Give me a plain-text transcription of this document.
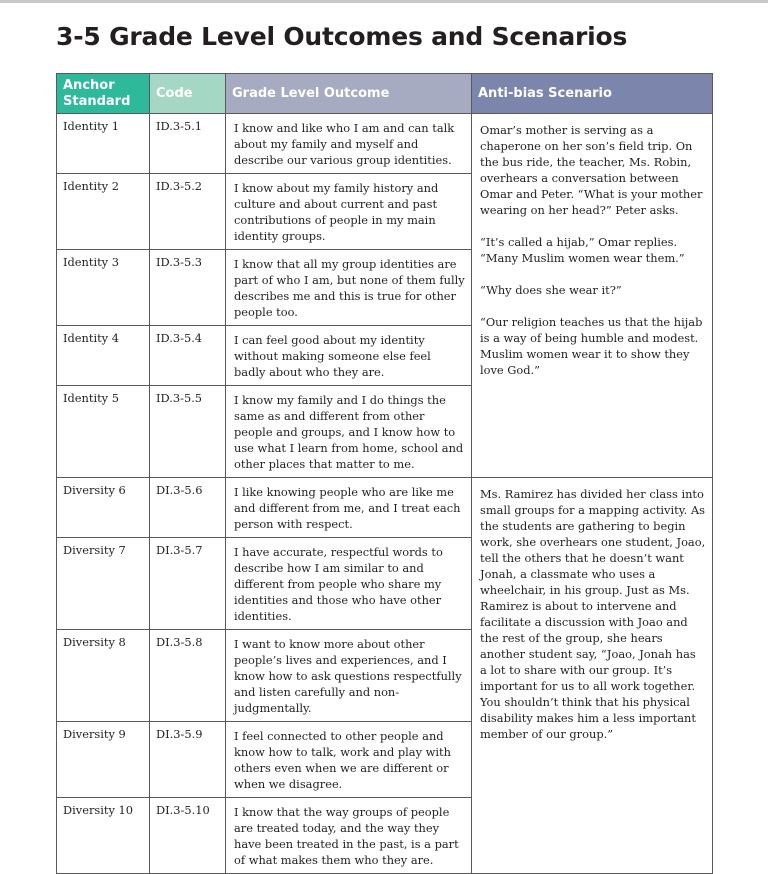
3-5 Grade Level Outcomes and Scenarios
Anchor Standard	Code	Grade Level Outcome	Anti-bias Scenario
Identity 1	ID.3-5.1	I know and like who I am and can talk about my family and myself and describe our various group identities.	Omar’s mother is serving as a chaperone on her son’s field trip. On the bus ride, the teacher, Ms. Robin, overhears a conversation between Omar and Peter. “What is your mother wearing on her head?” Peter asks.

“It’s called a hijab,” Omar replies. “Many Muslim women wear them.”

“Why does she wear it?”

“Our religion teaches us that the hijab is a way of being humble and modest. Muslim women wear it to show they love God.”

Identity 2	ID.3-5.2	I know about my family history and culture and about current and past contributions of people in my main identity groups.	
Identity 3	ID.3-5.3	I know that all my group identities are part of who I am, but none of them fully describes me and this is true for other people too.	
Identity 4	ID.3-5.4	I can feel good about my identity without making someone else feel badly about who they are.	
Identity 5	ID.3-5.5	I know my family and I do things the same as and different from other people and groups, and I know how to use what I learn from home, school and other places that matter to me.	
Diversity 6	DI.3-5.6	I like knowing people who are like me and different from me, and I treat each person with respect.	Ms. Ramirez has divided her class into small groups for a mapping activity. As the students are gathering to begin work, she overhears one student, Joao, tell the others that he doesn’t want Jonah, a classmate who uses a wheelchair, in his group. Just as Ms. Ramirez is about to intervene and facilitate a discussion with Joao and the rest of the group, she hears another student say, “Joao, Jonah has a lot to share with our group. It’s important for us to all work together. You shouldn’t think that his physical disability makes him a less important member of our group.”

Diversity 7	DI.3-5.7	I have accurate, respectful words to describe how I am similar to and different from people who share my identities and those who have other identities.	
Diversity 8	DI.3-5.8	I want to know more about other people’s lives and experiences, and I know how to ask questions respectfully and listen carefully and non-judgmentally.	
Diversity 9	DI.3-5.9	I feel connected to other people and know how to talk, work and play with others even when we are different or when we disagree.	
Diversity 10	DI.3-5.10	I know that the way groups of people are treated today, and the way they have been treated in the past, is a part of what makes them who they are.	
